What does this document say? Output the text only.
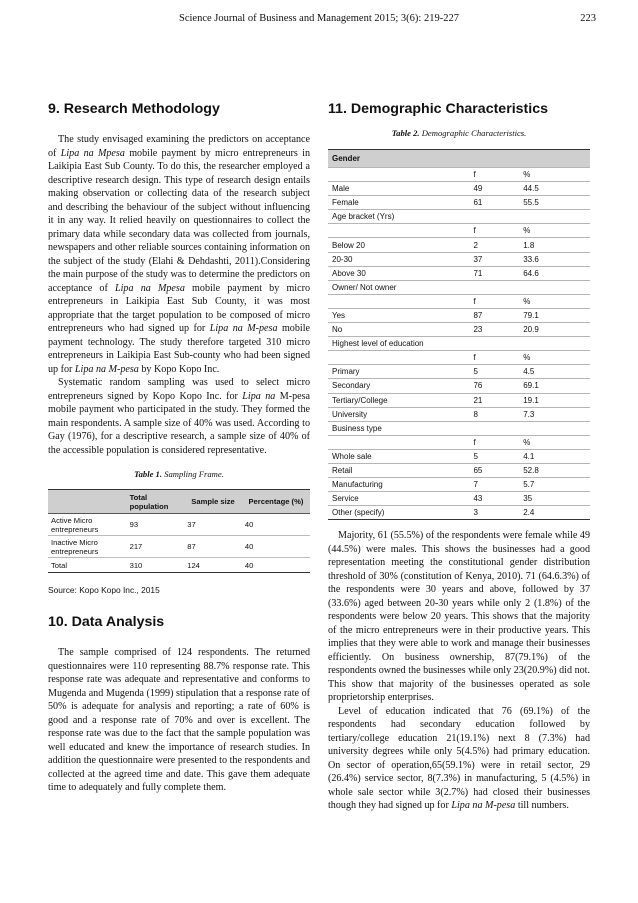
Science Journal of Business and Management 2015; 3(6): 219-227	223
9. Research Methodology

The study envisaged examining the predictors on acceptance of Lipa na Mpesa mobile payment by micro entrepreneurs in Laikipia East Sub County. To do this, the researcher employed a descriptive research design. This type of research design entails making observation or collecting data of the research subject and describing the behaviour of the subject without influencing it in any way. It relied heavily on questionnaires to collect the primary data while secondary data was collected from journals, newspapers and other reliable sources containing information on the subject of the study (Elahi & Dehdashti, 2011).Considering the main purpose of the study was to determine the predictors on acceptance of Lipa na Mpesa mobile payment by micro entrepreneurs in Laikipia East Sub County, it was most appropriate that the target population to be composed of micro entrepreneurs who had signed up for Lipa na M-pesa mobile payment technology. The study therefore targeted 310 micro entrepreneurs in Laikipia East Sub-county who had been signed up for Lipa na M-pesa by Kopo Kopo Inc.

Systematic random sampling was used to select micro entrepreneurs signed by Kopo Kopo Inc. for Lipa na M-pesa mobile payment who participated in the study. They formed the main respondents. A sample size of 40% was used. According to Gay (1976), for a descriptive research, a sample size of 40% of the accessible population is considered representative.

Table 1. Sampling Frame.
	Total population	Sample size	Percentage (%)
Active Micro entrepreneurs	93	37	40
Inactive Micro entrepreneurs	217	87	40
Total	310	124	40
Source: Kopo Kopo Inc., 2015
10. Data Analysis

The sample comprised of 124 respondents. The returned questionnaires were 110 representing 88.7% response rate. This response rate was adequate and representative and conforms to Mugenda and Mugenda (1999) stipulation that a response rate of 50% is adequate for analysis and reporting; a rate of 60% is good and a response rate of 70% and over is excellent. The response rate was due to the fact that the sample population was well educated and knew the importance of research studies. In addition the questionnaire were presented to the respondents and collected at the agreed time and date. This gave them adequate time to adequately and fully complete them.

11. Demographic Characteristics
Table 2. Demographic Characteristics.
Gender		
	f	%
Male	49	44.5
Female	61	55.5
Age bracket (Yrs)		
	f	%
Below 20	2	1.8
20-30	37	33.6
Above 30	71	64.6
Owner/ Not owner		
	f	%
Yes	87	79.1
No	23	20.9
Highest level of education		
	f	%
Primary	5	4.5
Secondary	76	69.1
Tertiary/College	21	19.1
University	8	7.3
Business type		
	f	%
Whole sale	5	4.1
Retail	65	52.8
Manufacturing	7	5.7
Service	43	35
Other (specify)	3	2.4

Majority, 61 (55.5%) of the respondents were female while 49 (44.5%) were males. This shows the businesses had a good representation meeting the constitutional gender distribution threshold of 30% (constitution of Kenya, 2010). 71 (64.6.3%) of the respondents were 30 years and above, followed by 37 (33.6%) aged between 20-30 years while only 2 (1.8%) of the respondents were below 20 years. This shows that the majority of the micro entrepreneurs were in their productive years. This implies that they were able to work and manage their businesses efficiently. On business ownership, 87(79.1%) of the respondents owned the businesses while only 23(20.9%) did not. This show that majority of the businesses operated as sole proprietorship enterprises.

Level of education indicated that 76 (69.1%) of the respondents had secondary education followed by tertiary/college education 21(19.1%) next 8 (7.3%) had university degrees while only 5(4.5%) had primary education. On sector of operation,65(59.1%) were in retail sector, 29 (26.4%) service sector, 8(7.3%) in manufacturing, 5 (4.5%) in whole sale sector while 3(2.7%) had closed their businesses though they had signed up for Lipa na M-pesa till numbers.
